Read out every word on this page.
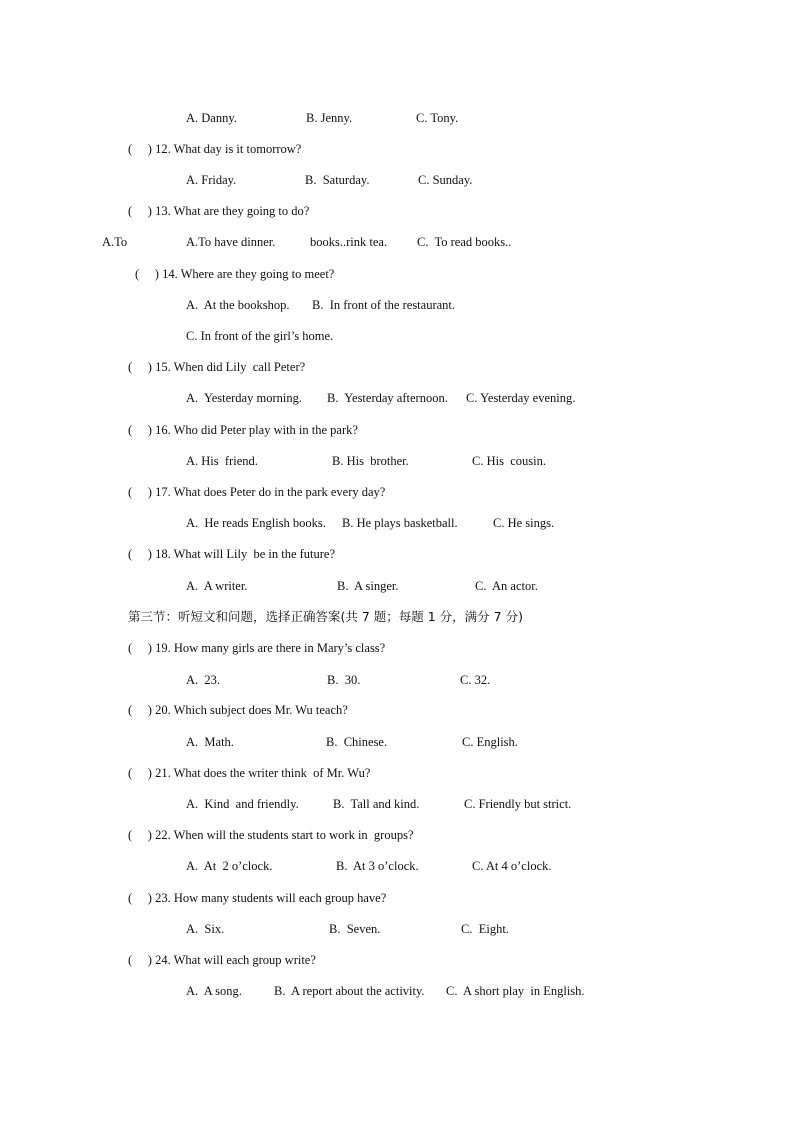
A. Danny.	B. Jenny.	C. Tony.
(     ) 12. What day is it tomorrow?
A. Friday.	B.  Saturday.	C. Sunday.
(     ) 13. What are they going to do?
A.To	A.To have dinner.	books..rink tea. C.  To read books..
(     ) 14. Where are they going to meet?
A.  At the bookshop. B.  In front of the restaurant.
C. In front of the girl’s home.
(     ) 15. When did Lily  call Peter?
A.  Yesterday morning. B.  Yesterday afternoon. C. Yesterday evening.
(     ) 16. Who did Peter play with in the park?
A. His  friend.	B. His  brother.	C. His  cousin.
(     ) 17. What does Peter do in the park every day?
A.  He reads English books. B. He plays basketball.	C. He sings.
(     ) 18. What will Lily  be in the future?
A.  A writer.	B.  A singer.	C.  An actor.
第三节：听短文和问题，选择正确答案(共 7 题；每题 1 分，满分 7 分)
(     ) 19. How many girls are there in Mary’s class?
A.  23.	B.  30.	C. 32.
(     ) 20. Which subject does Mr. Wu teach?
A.  Math.	B.  Chinese.	C. English.
(     ) 21. What does the writer think  of Mr. Wu?
A.  Kind  and friendly.	B.  Tall and kind.	C. Friendly but strict.
(     ) 22. When will the students start to work in  groups?
A.  At  2 o’clock.	B.  At 3 o’clock.	C. At 4 o’clock.
(     ) 23. How many students will each group have?
A.  Six.	B.  Seven.	C.  Eight.
(     ) 24. What will each group write?
A.  A song.	B.  A report about the activity. C.  A short play  in English.
